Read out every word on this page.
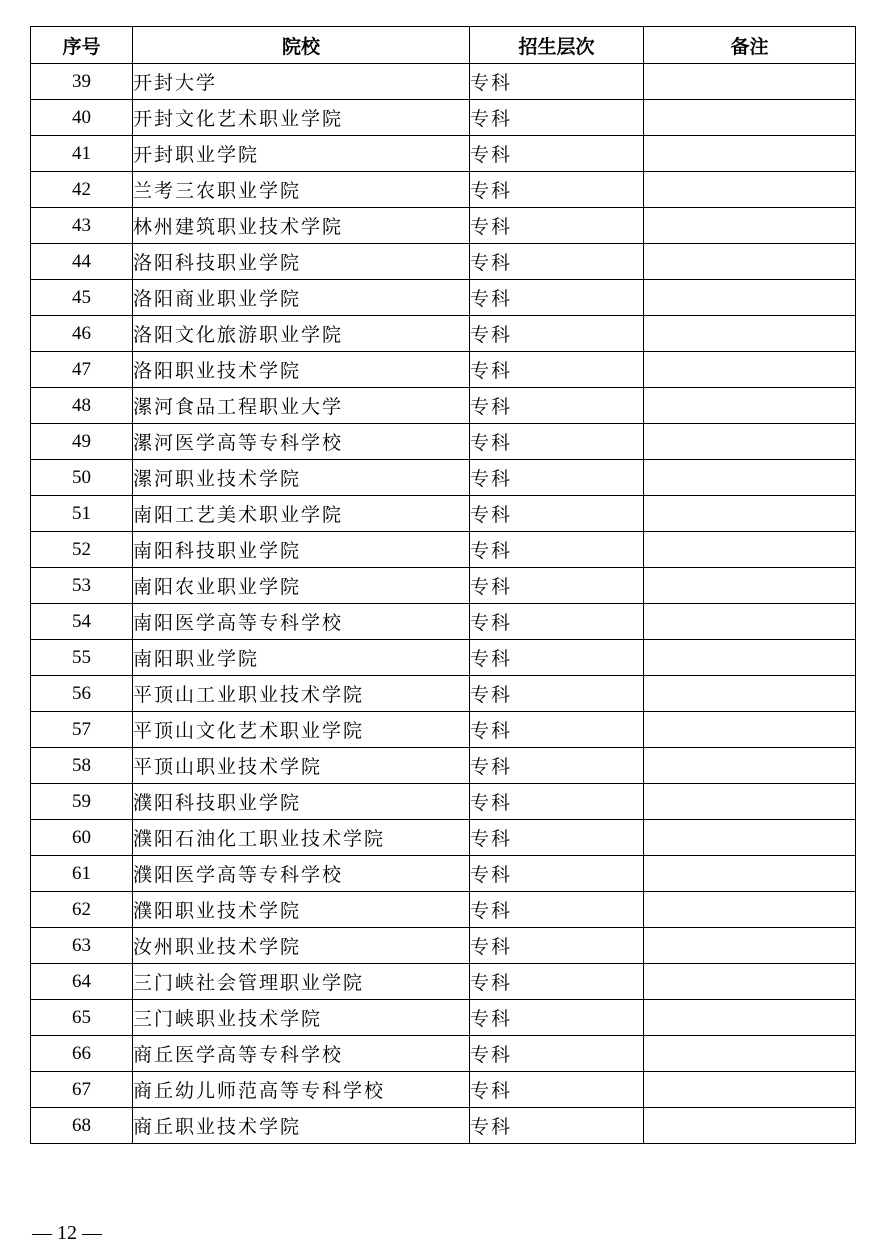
序号	院校	招生层次	备注
39	开封大学	专科	
40	开封文化艺术职业学院	专科	
41	开封职业学院	专科	
42	兰考三农职业学院	专科	
43	林州建筑职业技术学院	专科	
44	洛阳科技职业学院	专科	
45	洛阳商业职业学院	专科	
46	洛阳文化旅游职业学院	专科	
47	洛阳职业技术学院	专科	
48	漯河食品工程职业大学	专科	
49	漯河医学高等专科学校	专科	
50	漯河职业技术学院	专科	
51	南阳工艺美术职业学院	专科	
52	南阳科技职业学院	专科	
53	南阳农业职业学院	专科	
54	南阳医学高等专科学校	专科	
55	南阳职业学院	专科	
56	平顶山工业职业技术学院	专科	
57	平顶山文化艺术职业学院	专科	
58	平顶山职业技术学院	专科	
59	濮阳科技职业学院	专科	
60	濮阳石油化工职业技术学院	专科	
61	濮阳医学高等专科学校	专科	
62	濮阳职业技术学院	专科	
63	汝州职业技术学院	专科	
64	三门峡社会管理职业学院	专科	
65	三门峡职业技术学院	专科	
66	商丘医学高等专科学校	专科	
67	商丘幼儿师范高等专科学校	专科	
68	商丘职业技术学院	专科	
— 12 —
